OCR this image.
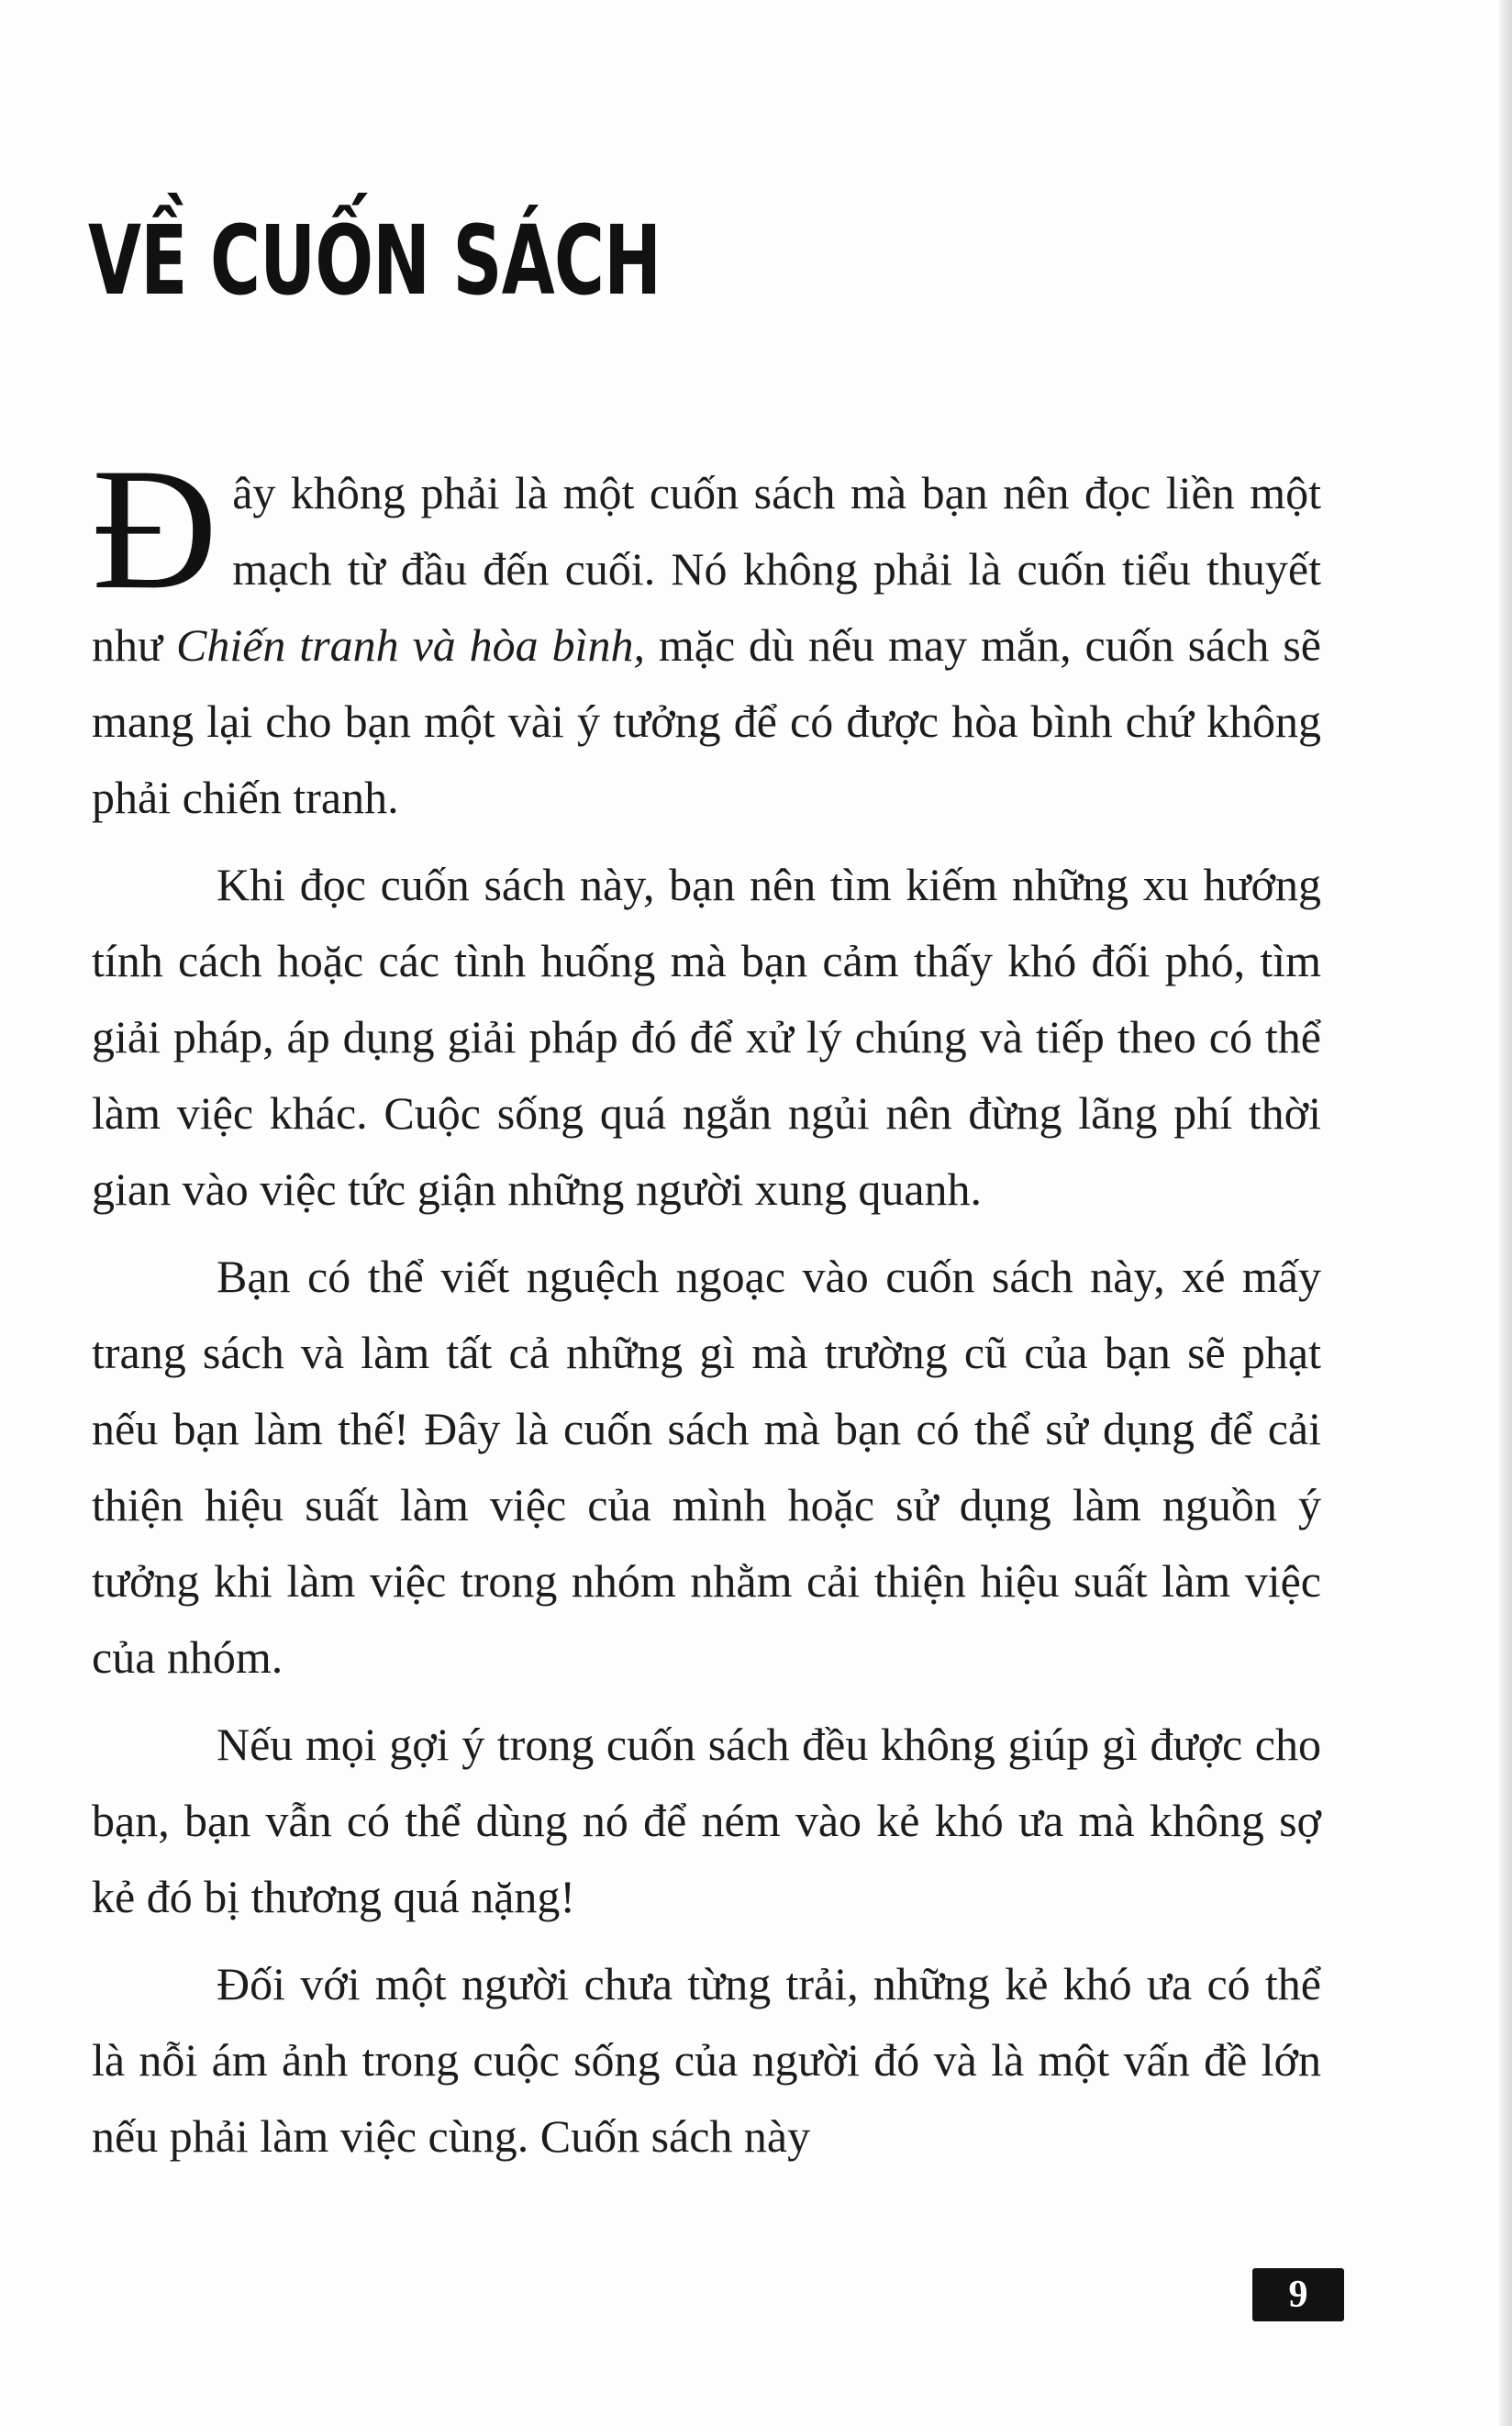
VỀ CUỐN SÁCH

Đây không phải là một cuốn sách mà bạn nên đọc liền một mạch từ đầu đến cuối. Nó không phải là cuốn tiểu thuyết như Chiến tranh và hòa bình, mặc dù nếu may mắn, cuốn sách sẽ mang lại cho bạn một vài ý tưởng để có được hòa bình chứ không phải chiến tranh.

Khi đọc cuốn sách này, bạn nên tìm kiếm những xu hướng tính cách hoặc các tình huống mà bạn cảm thấy khó đối phó, tìm giải pháp, áp dụng giải pháp đó để xử lý chúng và tiếp theo có thể làm việc khác. Cuộc sống quá ngắn ngủi nên đừng lãng phí thời gian vào việc tức giận những người xung quanh.

Bạn có thể viết nguệch ngoạc vào cuốn sách này, xé mấy trang sách và làm tất cả những gì mà trường cũ của bạn sẽ phạt nếu bạn làm thế! Đây là cuốn sách mà bạn có thể sử dụng để cải thiện hiệu suất làm việc của mình hoặc sử dụng làm nguồn ý tưởng khi làm việc trong nhóm nhằm cải thiện hiệu suất làm việc của nhóm.

Nếu mọi gợi ý trong cuốn sách đều không giúp gì được cho bạn, bạn vẫn có thể dùng nó để ném vào kẻ khó ưa mà không sợ kẻ đó bị thương quá nặng!

Đối với một người chưa từng trải, những kẻ khó ưa có thể là nỗi ám ảnh trong cuộc sống của người đó và là một vấn đề lớn nếu phải làm việc cùng. Cuốn sách này

9
